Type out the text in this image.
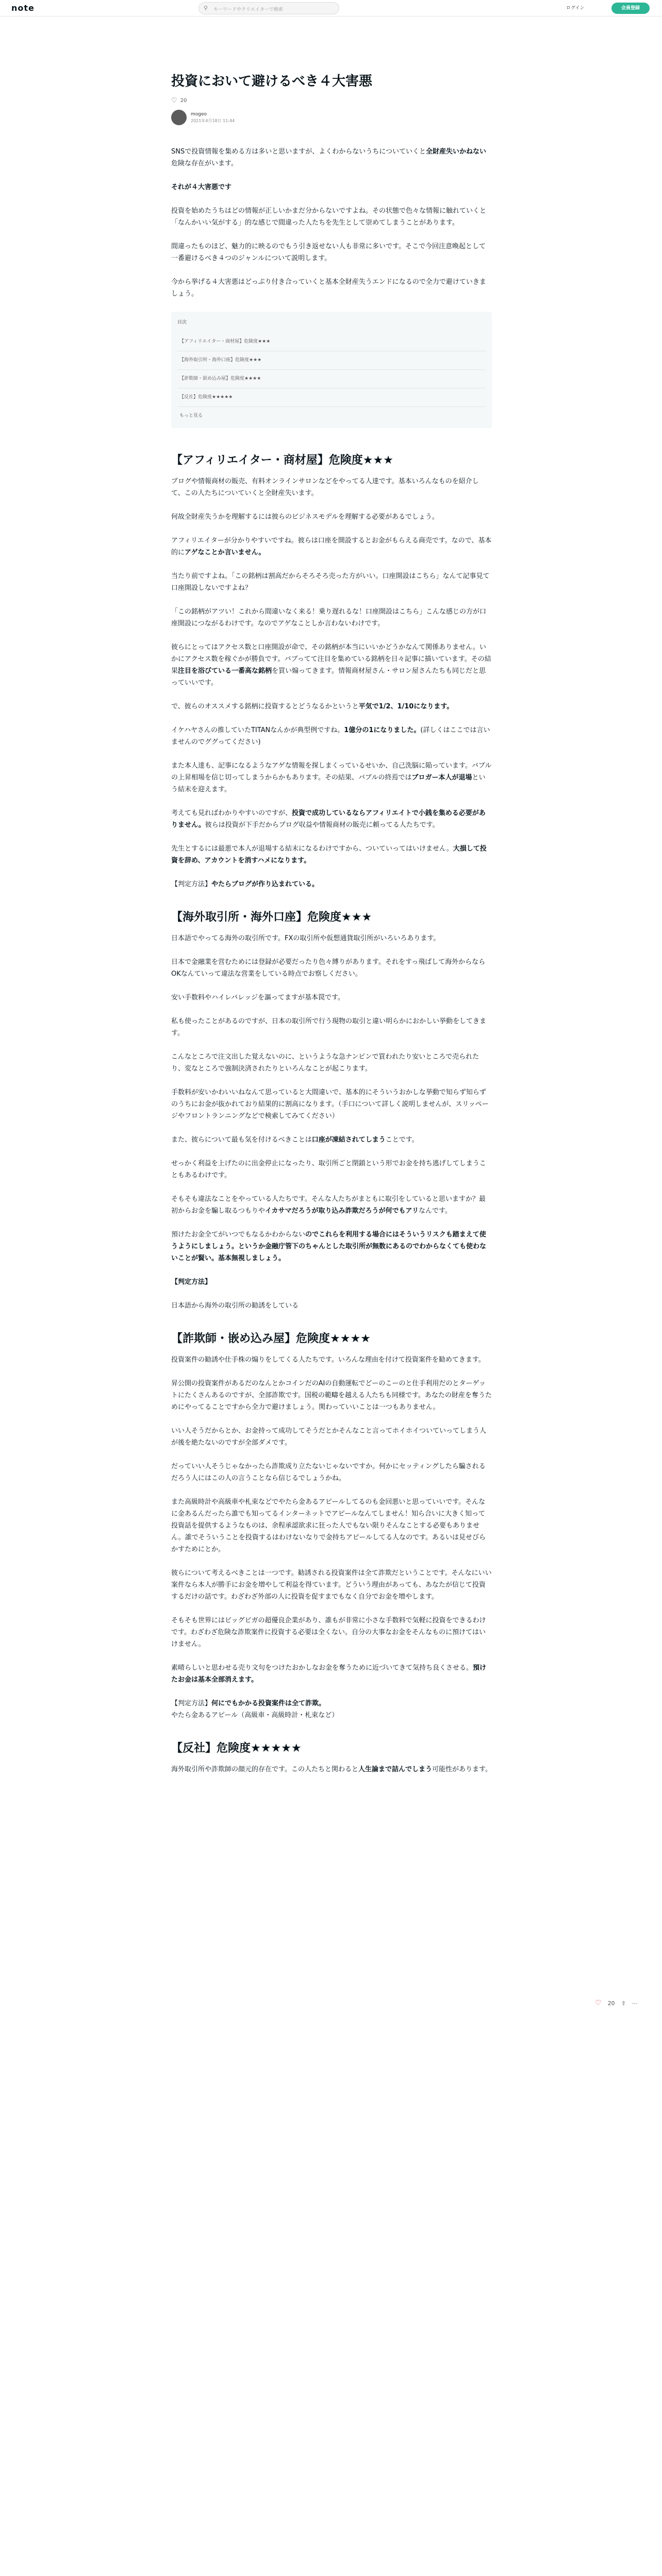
note	⚲	キーワードやクリエイターで検索	ログイン	会員登録
投資において避けるべき４大害悪
♡ 20
mogeo
2021年4月18日 11:44
SNSで投資情報を集める方は多いと思いますが、よくわからないうちについていくと全財産失いかねない危険な存在がいます。
それが４大害悪です
投資を始めたうちはどの情報が正しいかまだ分からないですよね。その状態で色々な情報に触れていくと「なんかいい気がする」的な感じで間違った人たちを先生として崇めてしまうことがあります。
間違ったものほど、魅力的に映るのでもう引き返せない人も非常に多いです。そこで今回注意喚起として一番避けるべき４つのジャンルについて説明します。
今から挙げる４大害悪はどっぷり付き合っていくと基本全財産失うエンドになるので全力で避けていきましょう。
目次
【アフィリエイター・商材屋】危険度★★★
【海外取引所・海外口座】危険度★★★
【詐欺師・嵌め込み屋】危険度★★★★
【反社】危険度★★★★★
もっと見る
【アフィリエイター・商材屋】危険度★★★
ブログや情報商材の販売、有料オンラインサロンなどをやってる人達です。基本いろんなものを紹介して、この人たちについていくと全財産失います。
何故全財産失うかを理解するには彼らのビジネスモデルを理解する必要があるでしょう。
アフィリエイターが分かりやすいですね。彼らは口座を開設するとお金がもらえる商売です。なので、基本的にアゲなことか言いません。
当たり前ですよね。「この銘柄は割高だからそろそろ売った方がいい。口座開設はこちら」なんて記事見て口座開設しないですよね？
「この銘柄がアツい！これから間違いなく来る！乗り遅れるな！口座開設はこちら」こんな感じの方が口座開設につながるわけです。なのでアゲなことしか言わないわけです。
彼らにとってはアクセス数と口座開設が命で、その銘柄が本当にいいかどうかなんて関係ありません。いかにアクセス数を稼ぐかが勝負です。バブってて注目を集めている銘柄を日々記事に描いています。その結果注目を浴びている一番高な銘柄を買い煽ってきます。情報商材屋さん・サロン屋さんたちも同じだと思っていいです。
で、彼らのオススメする銘柄に投資するとどうなるかというと平気で1/2、1/10になります。
イケハヤさんの推していたTITANなんかが典型例ですね。1億分の1になりました。(詳しくはここでは言いませんのでググってください)
また本人達も、記事になるようなアゲな情報を探しまくっているせいか、自己洗脳に陥っています。バブルの上昇相場を信じ切ってしまうからかもあります。その結果、バブルの終焉ではブロガー本人が退場という結末を迎えます。
考えても見ればわかりやすいのですが、投資で成功しているならアフィリエイトで小銭を集める必要がありません。彼らは投資が下手だからブログ収益や情報商材の販売に頼ってる人たちです。
先生とするには最悪で本人が退場する結末になるわけですから、ついていってはいけません。大損して投資を辞め、アカウントを消すハメになります。
【判定方法】やたらブログが作り込まれている。
【海外取引所・海外口座】危険度★★★
日本語でやってる海外の取引所です。FXの取引所や仮想通貨取引所がいろいろあります。
日本で金融業を営むためには登録が必要だったり色々縛りがあります。それをすっ飛ばして海外からならOKなんていって違法な営業をしている時点でお察しください。
安い手数料やハイレバレッジを謳ってますが基本罠です。
私も使ったことがあるのですが、日本の取引所で行う現物の取引と違い明らかにおかしい挙動をしてきます。
こんなところで注文出した覚えないのに、というような急ナンピンで買われたり安いところで売られたり、変なところで強制決済されたりといろんなことが起こります。
手数料が安いかわいいねなんて思っていると大間違いで、基本的にそういうおかしな挙動で知らず知らずのうちにお金が抜かれており結果的に割高になります。（手口について詳しく説明しませんが、スリッページやフロントランニングなどで検索してみてください）
また、彼らについて最も気を付けるべきことは口座が凍結されてしまうことです。
せっかく利益を上げたのに出金停止になったり、取引所ごと閉鎖という形でお金を持ち逃げしてしまうこともあるわけです。
そもそも違法なことをやっている人たちです。そんな人たちがまともに取引をしていると思いますか？最初からお金を騙し取るつもりやイカサマだろうが取り込み詐欺だろうが何でもアリなんです。
預けたお金全てがいつでもなるかわからないのでこれらを利用する場合にはそういうリスクも踏まえて使うようにしましょう。というか金融庁管下のちゃんとした取引所が無数にあるのでわからなくても使わないことが賢い。基本無視しましょう。
【判定方法】
日本語から海外の取引所の勧誘をしている
【詐欺師・嵌め込み屋】危険度★★★★
投資案件の勧誘や仕手株の煽りをしてくる人たちです。いろんな理由を付けて投資案件を勧めてきます。
昇公開の投資案件があるだのなんとかコインだのAIの自動運転でどーのこーのと仕手利用だのとターゲットにたくさんあるのですが、全部詐欺です。国税の範疇を越える人たちも同様です。あなたの財産を奪うためにやってることですから全力で避けましょう。関わっていいことは一つもありません。
いい人そうだからとか、お金持って成功してそうだとかそんなこと言ってホイホイついていってしまう人が後を絶たないのですが全部ダメです。
だっていい人そうじゃなかったら詐欺成り立たないじゃないですか。何かにセッティングしたら騙されるだろう人にはこの人の言うことなら信じるでしょうかね。
また高級時計や高級車や札束などでやたら金あるアピールしてるのも金回悪いと思っていいです。そんなに金あるんだったら誰でも知ってるインターネットでアピールなんてしません！知ら合いに大きく知って投資話を提供するようなものは、余程承認欲求に狂った人でもない限りそんなことする必要もありません。誰でそういうことを投資するはわけないなりで金持ちアピールしてる人なのです。あるいは見せびらかすためにとか。
彼らについて考えるべきことは一つです。勧誘される投資案件は全て詐欺だということです。そんなにいい案件なら本人が勝手にお金を増やして利益を得ています。どういう理由があっても、あなたが信じて投資するだけの話です。わざわざ外部の人に投資を促すまでもなく自分でお金を増やします。
そもそも世界にはビッグビガの超優良企業があり、誰もが非常に小さな手数料で気軽に投資をできるわけです。わざわざ危険な詐欺案件に投資する必要は全くない。自分の大事なお金をそんなものに預けてはいけません。
素晴らしいと思わせる売り文句をつけたおかしなお金を奪うために近づいてきて気持ち良くさせる。預けたお金は基本全部消えます。
【判定方法】何にでもかかる投資案件は全て詐欺。やたら金あるアピール（高級車・高級時計・札束など）
【反社】危険度★★★★★
海外取引所や詐欺師の顔元的存在です。この人たちと関わると人生論まで詰んでしまう可能性があります。
♡ 20 ⇪ ⋯
